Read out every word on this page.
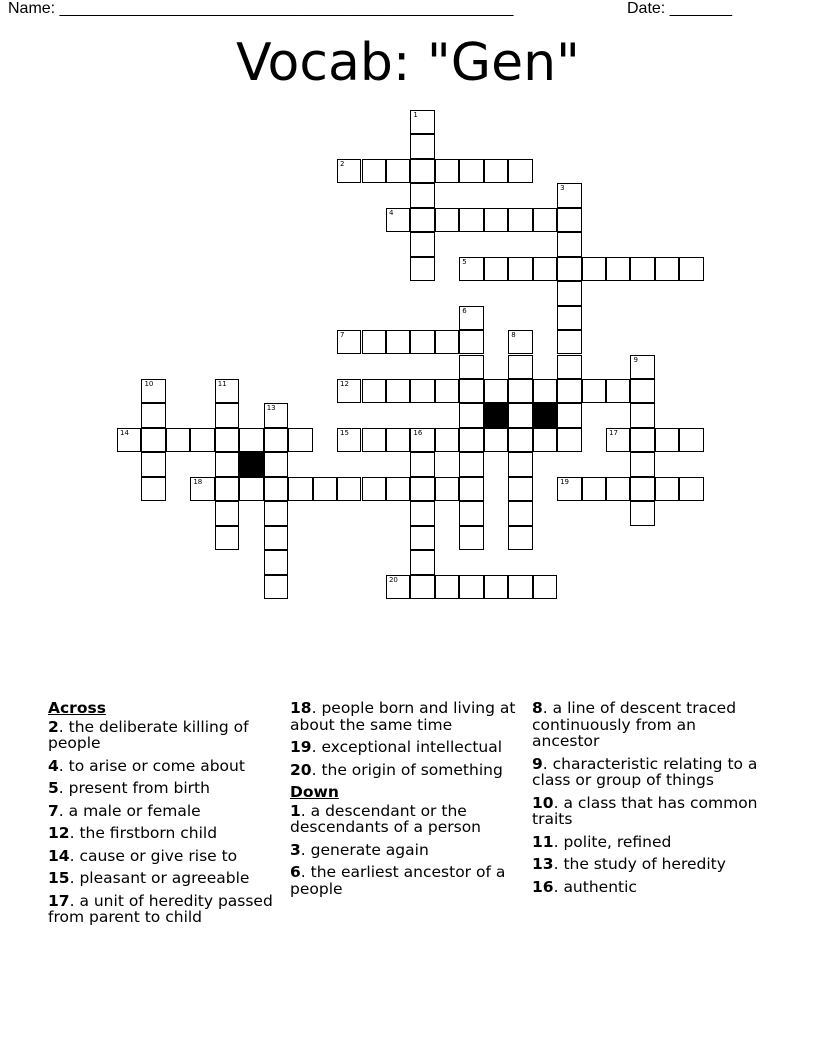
Name: ___________________________________________________	Date: _______
Vocab: "Gen"
1
2
3
4
5
6
7	8
9
10	11	12
13
14	15	16	17
18	19
20
Across
2. the deliberate killing of people
4. to arise or come about
5. present from birth
7. a male or female
12. the firstborn child
14. cause or give rise to
15. pleasant or agreeable
17. a unit of heredity passed from parent to child
18. people born and living at about the same time
19. exceptional intellectual
20. the origin of something
Down
1. a descendant or the descendants of a person
3. generate again
6. the earliest ancestor of a people
8. a line of descent traced continuously from an ancestor
9. characteristic relating to a class or group of things
10. a class that has common traits
11. polite, refined
13. the study of heredity
16. authentic
